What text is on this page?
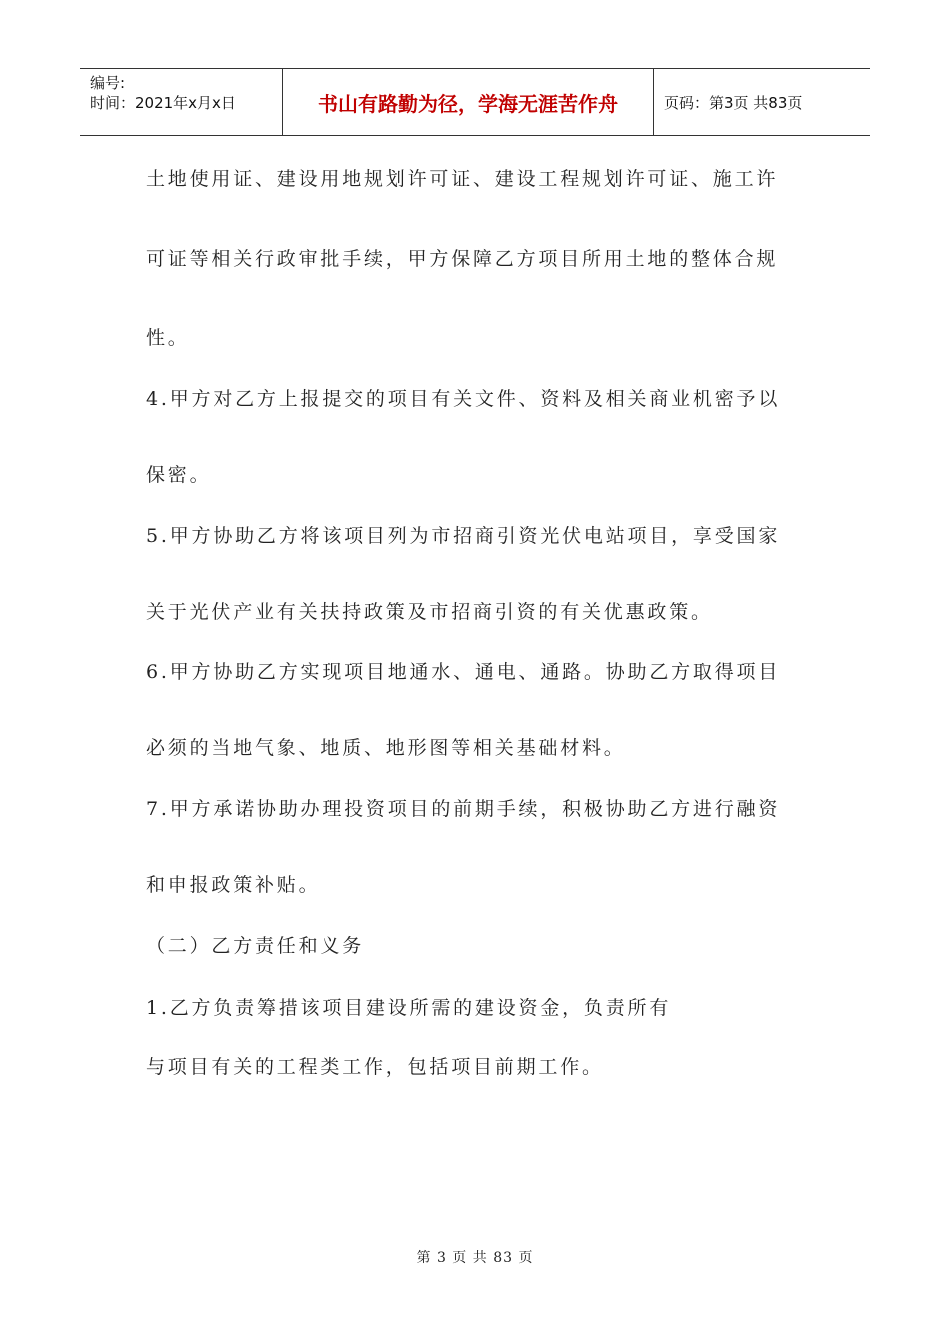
编号:
时间：2021年x月x日	书山有路勤为径，学海无涯苦作舟	页码：第3页 共83页
土地使用证、建设用地规划许可证、建设工程规划许可证、施工许
可证等相关行政审批手续，甲方保障乙方项目所用土地的整体合规
性。
4.甲方对乙方上报提交的项目有关文件、资料及相关商业机密予以
保密。
5.甲方协助乙方将该项目列为市招商引资光伏电站项目，享受国家
关于光伏产业有关扶持政策及市招商引资的有关优惠政策。
6.甲方协助乙方实现项目地通水、通电、通路。协助乙方取得项目
必须的当地气象、地质、地形图等相关基础材料。
7.甲方承诺协助办理投资项目的前期手续，积极协助乙方进行融资
和申报政策补贴。
（二）乙方责任和义务
1.乙方负责筹措该项目建设所需的建设资金，负责所有
与项目有关的工程类工作，包括项目前期工作。
第 3 页 共 83 页
